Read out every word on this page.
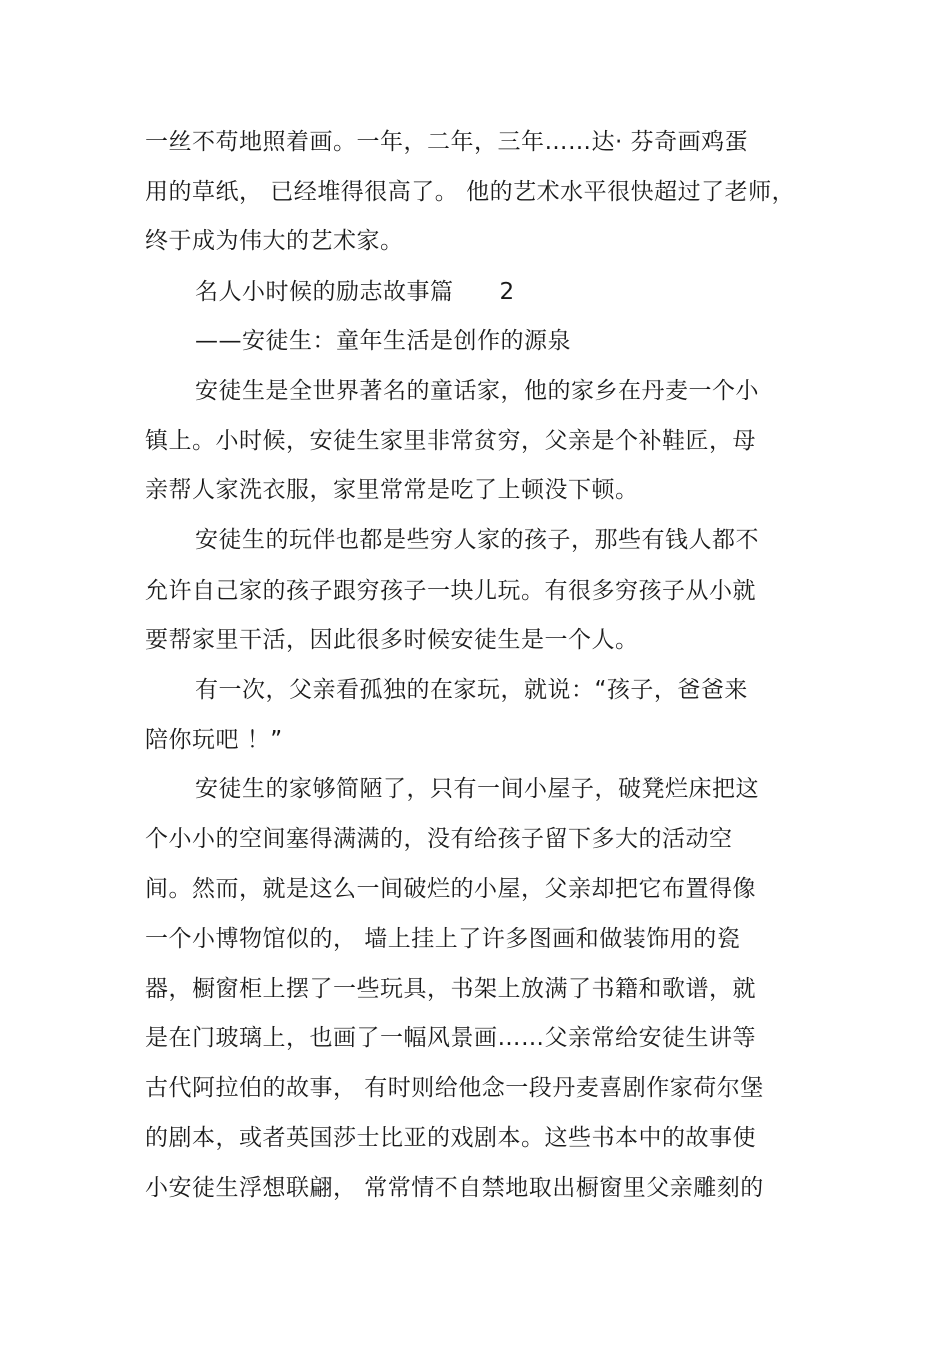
一丝不苟地照着画。一年，二年，三年……达· 芬奇画鸡蛋
用的草纸， 已经堆得很高了。 他的艺术水平很快超过了老师，
终于成为伟大的艺术家。
名人小时候的励志故事篇 2
——安徒生：童年生活是创作的源泉
安徒生是全世界著名的童话家，他的家乡在丹麦一个小
镇上。小时候，安徒生家里非常贫穷，父亲是个补鞋匠，母
亲帮人家洗衣服，家里常常是吃了上顿没下顿。
安徒生的玩伴也都是些穷人家的孩子，那些有钱人都不
允许自己家的孩子跟穷孩子一块儿玩。有很多穷孩子从小就
要帮家里干活，因此很多时候安徒生是一个人。
有一次，父亲看孤独的在家玩，就说：“孩子，爸爸来
陪你玩吧 ！”
安徒生的家够简陋了，只有一间小屋子，破凳烂床把这
个小小的空间塞得满满的，没有给孩子留下多大的活动空
间。然而，就是这么一间破烂的小屋，父亲却把它布置得像
一个小博物馆似的， 墙上挂上了许多图画和做装饰用的瓷
器，橱窗柜上摆了一些玩具，书架上放满了书籍和歌谱，就
是在门玻璃上，也画了一幅风景画……父亲常给安徒生讲等
古代阿拉伯的故事， 有时则给他念一段丹麦喜剧作家荷尔堡
的剧本，或者英国莎士比亚的戏剧本。这些书本中的故事使
小安徒生浮想联翩， 常常情不自禁地取出橱窗里父亲雕刻的
